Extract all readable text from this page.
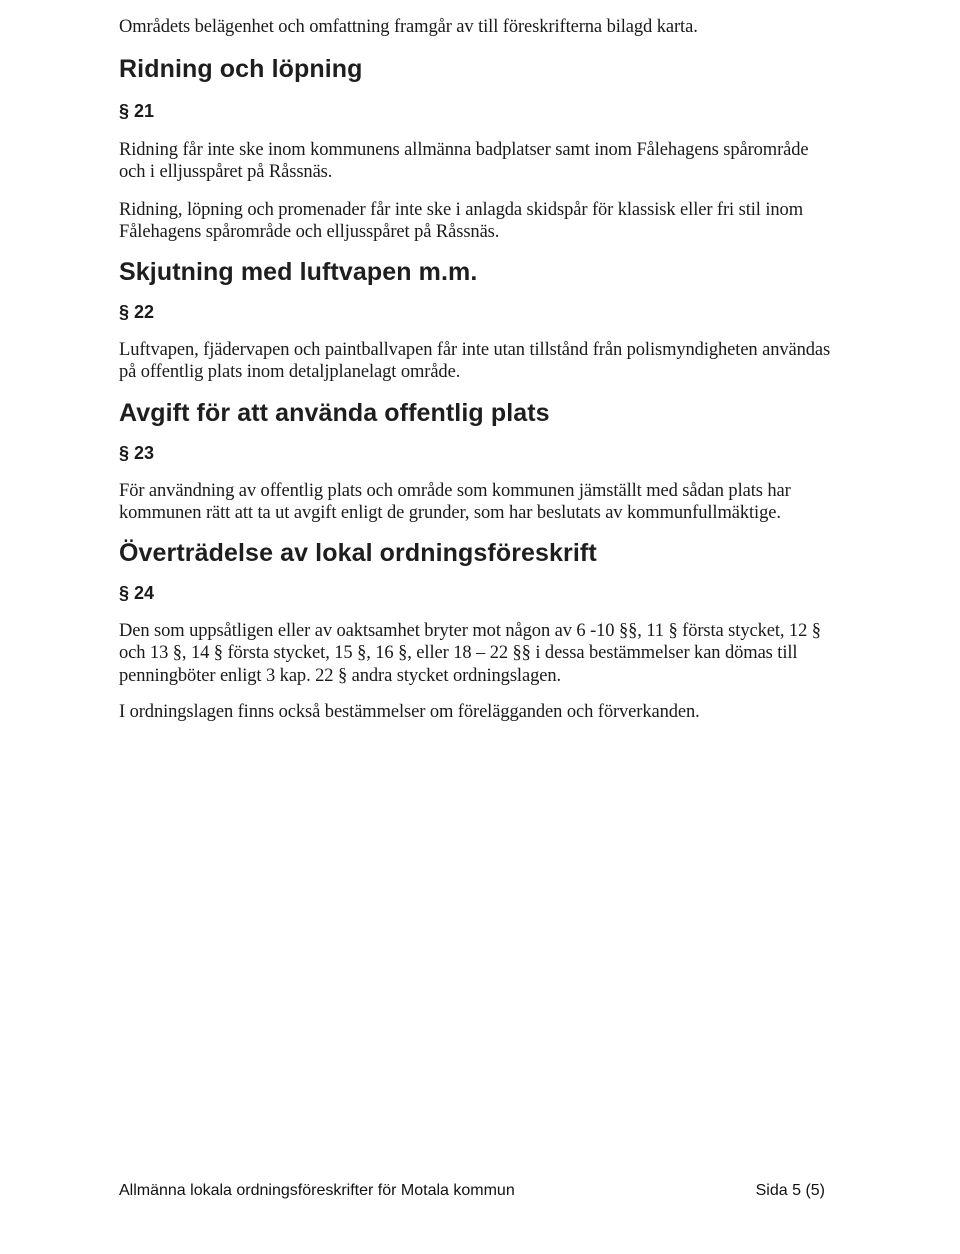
Områdets belägenhet och omfattning framgår av till föreskrifterna bilagd karta.

Ridning och löpning

§ 21

Ridning får inte ske inom kommunens allmänna badplatser samt inom Fålehagens spårområde och i elljusspåret på Råssnäs.

Ridning, löpning och promenader får inte ske i anlagda skidspår för klassisk eller fri stil inom Fålehagens spårområde och elljusspåret på Råssnäs.

Skjutning med luftvapen m.m.

§ 22

Luftvapen, fjädervapen och paintballvapen får inte utan tillstånd från polismyndigheten användas på offentlig plats inom detaljplanelagt område.

Avgift för att använda offentlig plats

§ 23

För användning av offentlig plats och område som kommunen jämställt med sådan plats har kommunen rätt att ta ut avgift enligt de grunder, som har beslutats av kommunfullmäktige.

Överträdelse av lokal ordningsföreskrift

§ 24

Den som uppsåtligen eller av oaktsamhet bryter mot någon av 6 -10 §§, 11 § första stycket, 12 § och 13 §, 14 § första stycket, 15 §, 16 §, eller 18 – 22 §§ i dessa bestämmelser kan dömas till penningböter enligt 3 kap. 22 § andra stycket ordningslagen.

I ordningslagen finns också bestämmelser om förelägganden och förverkanden.

Allmänna lokala ordningsföreskrifter för Motala kommun	Sida 5 (5)
